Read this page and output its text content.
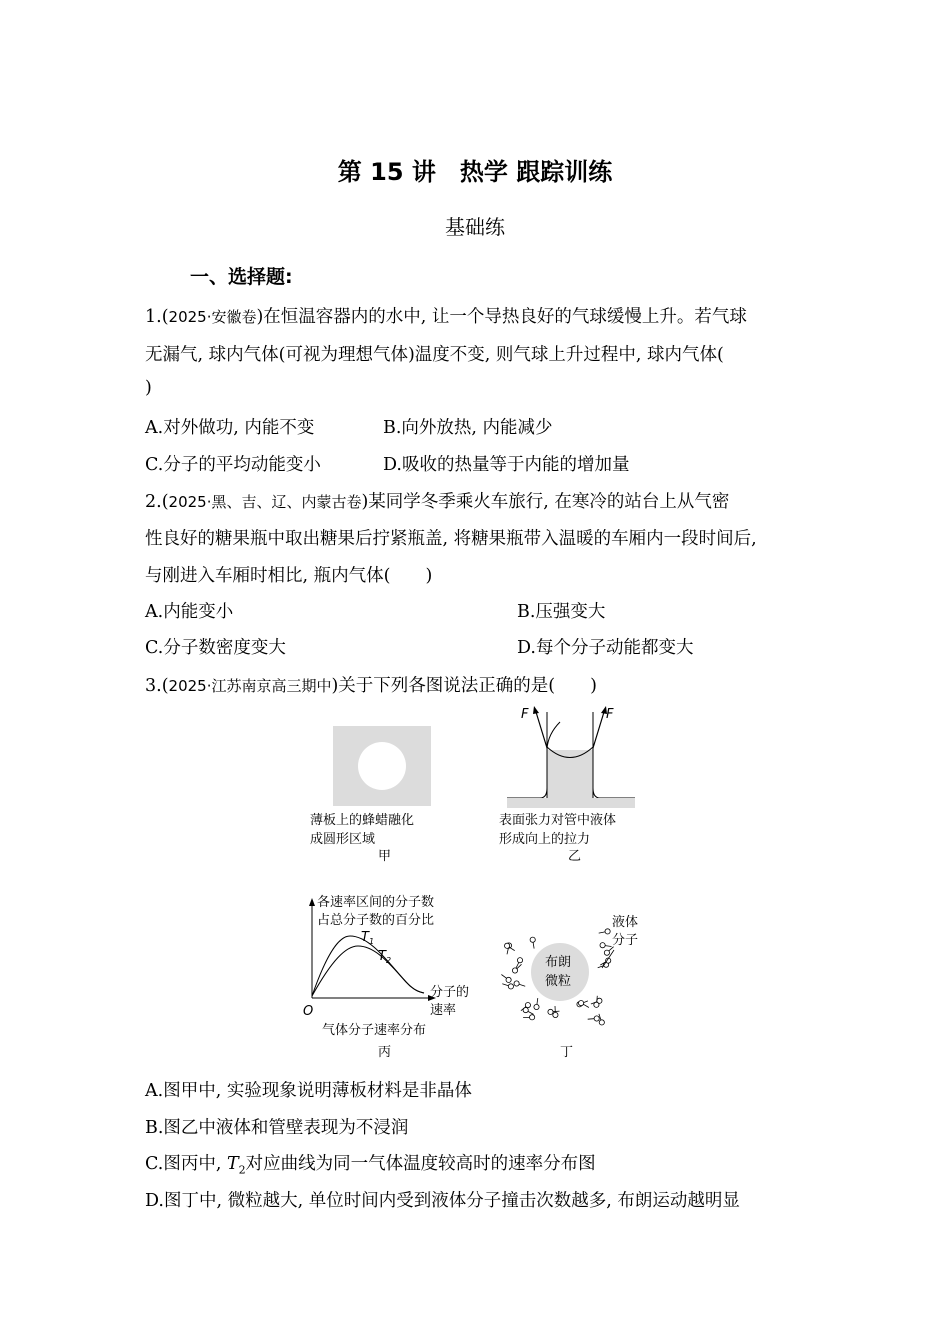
第 15 讲　热学 跟踪训练
基础练
一、选择题:
1.(2025·安徽卷)在恒温容器内的水中, 让一个导热良好的气球缓慢上升。若气球
无漏气, 球内气体(可视为理想气体)温度不变, 则气球上升过程中, 球内气体(
)
A.对外做功, 内能不变	B.向外放热, 内能减少
C.分子的平均动能变小	D.吸收的热量等于内能的增加量
2.(2025·黑、吉、辽、内蒙古卷)某同学冬季乘火车旅行, 在寒冷的站台上从气密
性良好的糖果瓶中取出糖果后拧紧瓶盖, 将糖果瓶带入温暖的车厢内一段时间后,
与刚进入车厢时相比, 瓶内气体(　　)
A.内能变小	B.压强变大
C.分子数密度变大	D.每个分子动能都变大
3.(2025·江苏南京高三期中)关于下列各图说法正确的是(　　)
薄板上的蜂蜡融化
成圆形区域
甲
F	F
表面张力对管中液体
形成向上的拉力
乙
各速率区间的分子数
占总分子数的百分比
$T_1$
$T_2$
O
分子的
速率
气体分子速率分布
丙
布朗
微粒
液体
分子
丁
A.图甲中, 实验现象说明薄板材料是非晶体
B.图乙中液体和管壁表现为不浸润
C.图丙中, $T_2$对应曲线为同一气体温度较高时的速率分布图
D.图丁中, 微粒越大, 单位时间内受到液体分子撞击次数越多, 布朗运动越明显
